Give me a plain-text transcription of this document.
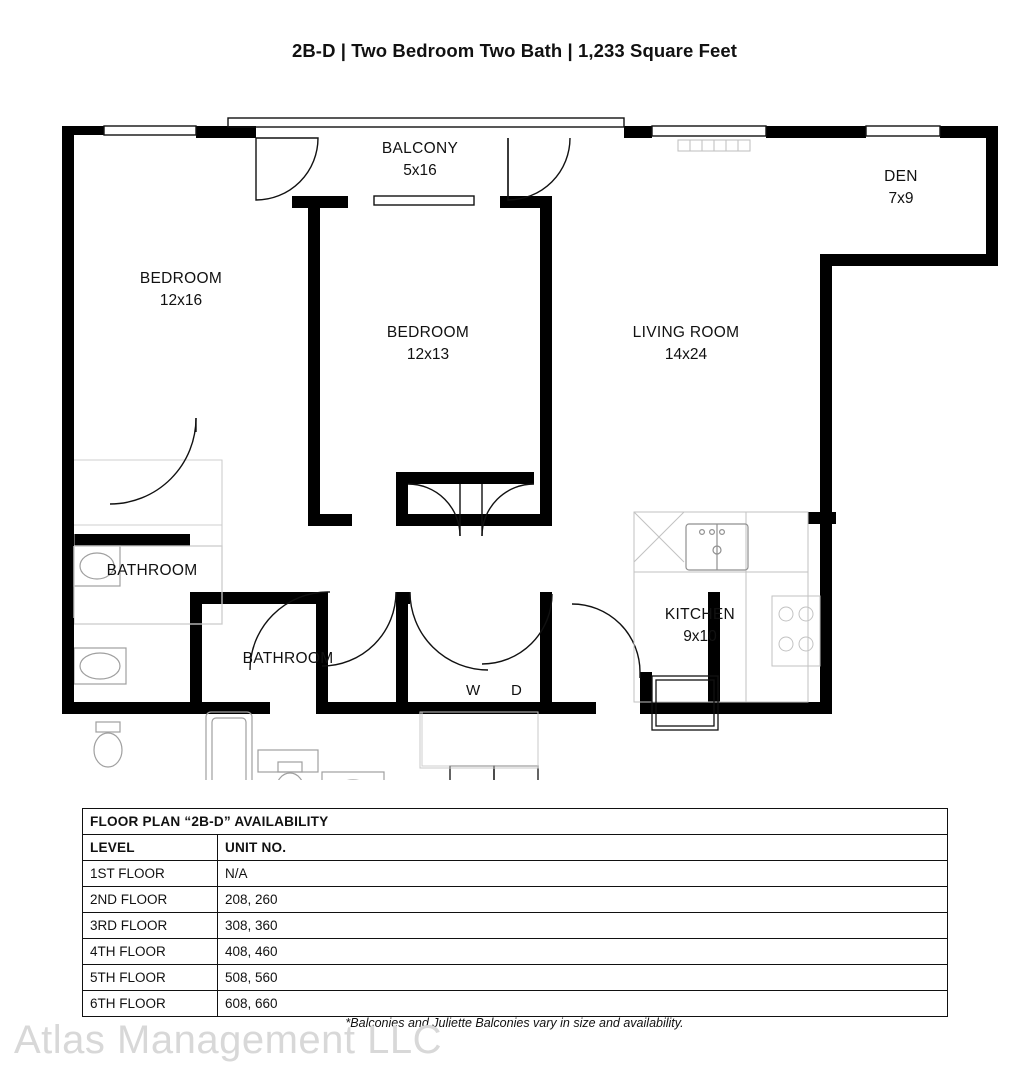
2B-D | Two Bedroom Two Bath | 1,233 Square Feet
BALCONY
5x16	DEN
7x9
BEDROOM
12x16
BEDROOM
12x13
LIVING ROOM
14x24
BATHROOM
BATHROOM
KITCHEN
9x10
W D
FLOOR PLAN “2B-D” AVAILABILITY	
LEVEL	UNIT NO.
1ST FLOOR	N/A
2ND FLOOR	208, 260
3RD FLOOR	308, 360
4TH FLOOR	408, 460
5TH FLOOR	508, 560
6TH FLOOR	608, 660
*Balconies and Juliette Balconies vary in size and availability.
Atlas Management LLC
